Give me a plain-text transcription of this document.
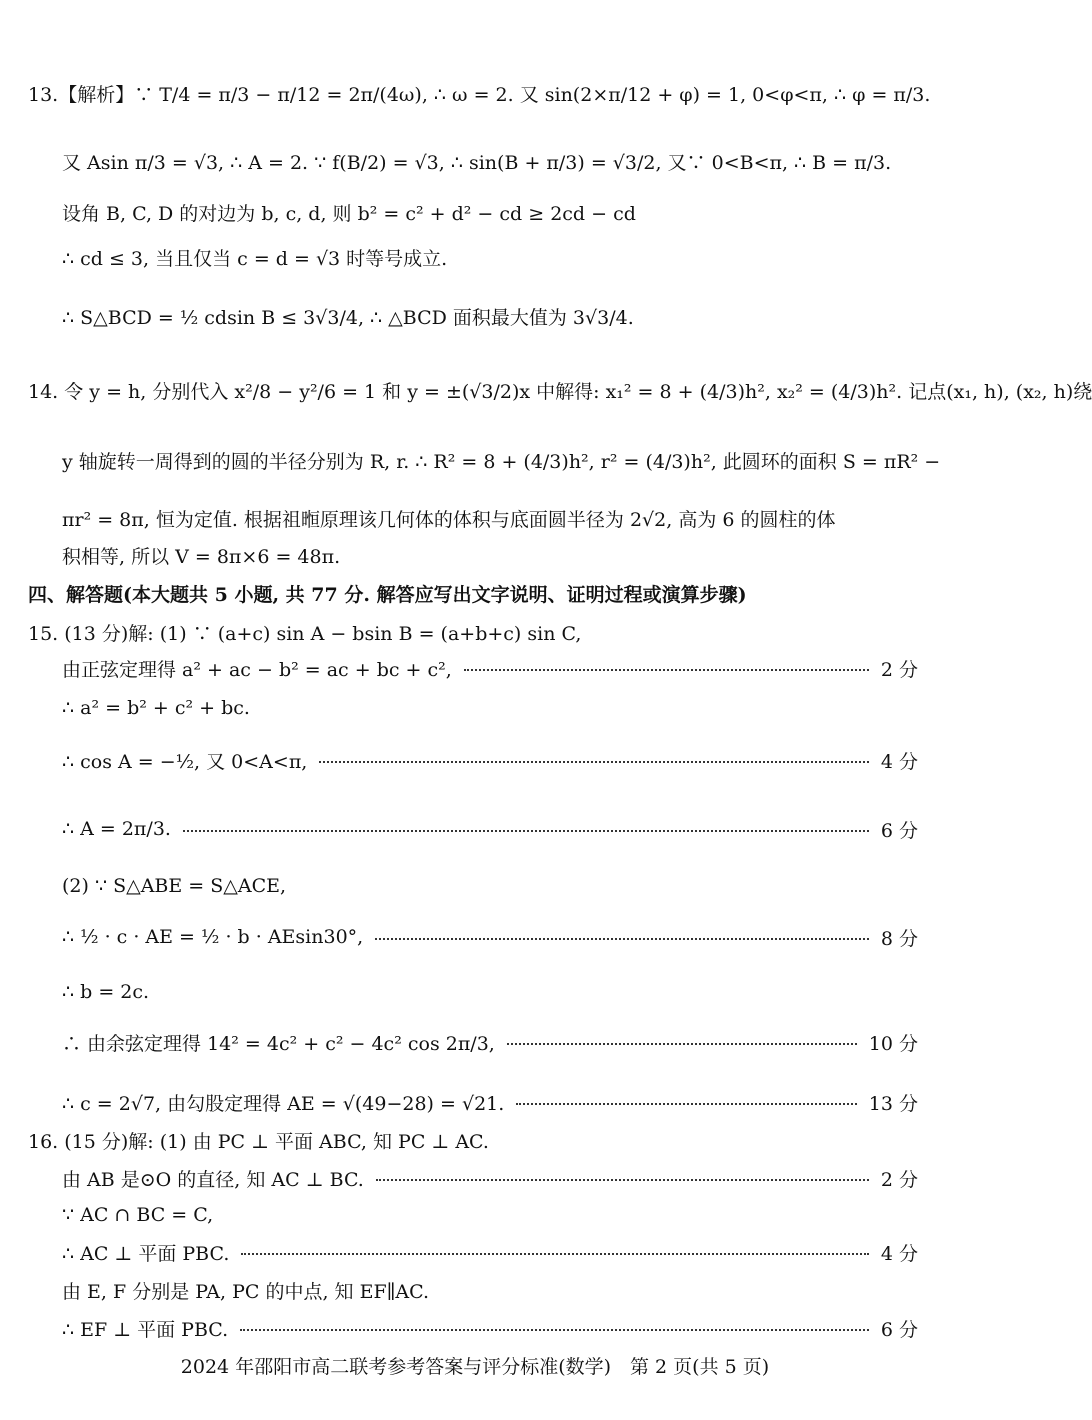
13.【解析】∵ T/4 = π/3 − π/12 = 2π/(4ω), ∴ ω = 2. 又 sin(2×π/12 + φ) = 1, 0<φ<π, ∴ φ = π/3.
又 Asin π/3 = √3, ∴ A = 2. ∵ f(B/2) = √3, ∴ sin(B + π/3) = √3/2, 又∵ 0<B<π, ∴ B = π/3.
设角 B, C, D 的对边为 b, c, d, 则 b² = c² + d² − cd ≥ 2cd − cd
∴ cd ≤ 3, 当且仅当 c = d = √3 时等号成立.
∴ S△BCD = ½ cdsin B ≤ 3√3/4, ∴ △BCD 面积最大值为 3√3/4.
14. 令 y = h, 分别代入 x²/8 − y²/6 = 1 和 y = ±(√3/2)x 中解得: x₁² = 8 + (4/3)h², x₂² = (4/3)h². 记点(x₁, h), (x₂, h)绕
y 轴旋转一周得到的圆的半径分别为 R, r. ∴ R² = 8 + (4/3)h², r² = (4/3)h², 此圆环的面积 S = πR² −
πr² = 8π, 恒为定值. 根据祖暅原理该几何体的体积与底面圆半径为 2√2, 高为 6 的圆柱的体
积相等, 所以 V = 8π×6 = 48π.
四、解答题(本大题共 5 小题, 共 77 分. 解答应写出文字说明、证明过程或演算步骤)
15. (13 分)解: (1) ∵ (a+c) sin A − bsin B = (a+b+c) sin C,
由正弦定理得 a² + ac − b² = ac + bc + c²,	2 分
∴ a² = b² + c² + bc.
∴ cos A = −½, 又 0<A<π,	4 分
∴ A = 2π/3.	6 分
(2) ∵ S△ABE = S△ACE,
∴ ½ · c · AE = ½ · b · AEsin30°,	8 分
∴ b = 2c.
∴ 由余弦定理得 14² = 4c² + c² − 4c² cos 2π/3,	10 分
∴ c = 2√7, 由勾股定理得 AE = √(49−28) = √21.	13 分
16. (15 分)解: (1) 由 PC ⊥ 平面 ABC, 知 PC ⊥ AC.
由 AB 是⊙O 的直径, 知 AC ⊥ BC.	2 分
∵ AC ∩ BC = C,
∴ AC ⊥ 平面 PBC.	4 分
由 E, F 分别是 PA, PC 的中点, 知 EF∥AC.
∴ EF ⊥ 平面 PBC.	6 分
2024 年邵阳市高二联考参考答案与评分标准(数学)　第 2 页(共 5 页)
